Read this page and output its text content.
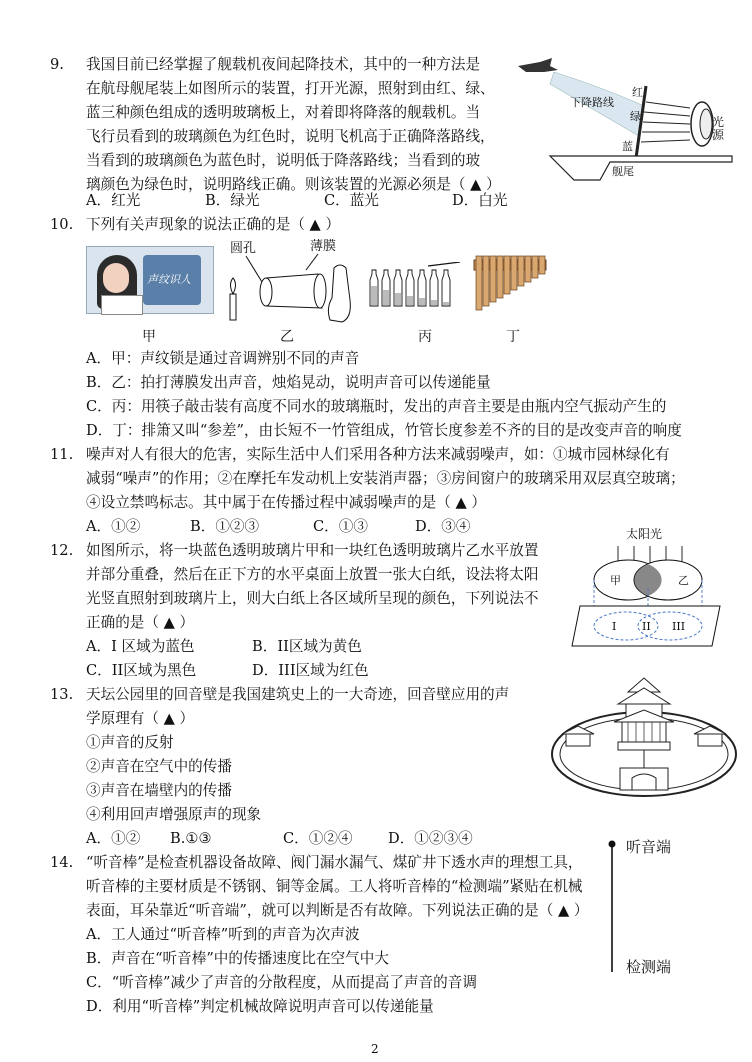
9. 我国目前已经掌握了舰载机夜间起降技术，其中的一种方法是
在航母舰尾装上如图所示的装置，打开光源，照射到由红、绿、
蓝三种颜色组成的透明玻璃板上，对着即将降落的舰载机。当
飞行员看到的玻璃颜色为红色时，说明飞机高于正确降落路线，
当看到的玻璃颜色为蓝色时，说明低于降落路线；当看到的玻
璃颜色为绿色时，说明路线正确。则该装置的光源必须是（ ▲ ）
A．红光	B．绿光	C．蓝光	D．白光
舰尾
下降路线
红
绿
蓝
光源
10. 下列有关声现象的说法正确的是（ ▲ ）
声纹识人
圆孔	薄膜
甲	乙	丙	丁
A．甲：声纹锁是通过音调辨别不同的声音
B．乙：拍打薄膜发出声音，烛焰晃动，说明声音可以传递能量
C．丙：用筷子敲击装有高度不同水的玻璃瓶时，发出的声音主要是由瓶内空气振动产生的
D．丁：排箫又叫“参差”，由长短不一竹管组成，竹管长度参差不齐的目的是改变声音的响度
11. 噪声对人有很大的危害，实际生活中人们采用各种方法来减弱噪声，如：①城市园林绿化有
减弱“噪声”的作用；②在摩托车发动机上安装消声器；③房间窗户的玻璃采用双层真空玻璃；
④设立禁鸣标志。其中属于在传播过程中减弱噪声的是（ ▲ ）
A．①②	B．①②③	C．①③	D．③④
12. 如图所示，将一块蓝色透明玻璃片甲和一块红色透明玻璃片乙水平放置
并部分重叠，然后在正下方的水平桌面上放置一张大白纸，设法将太阳
光竖直照射到玻璃片上，则大白纸上各区域所呈现的颜色，下列说法不
正确的是（ ▲ ）
A．I 区域为蓝色	B．II区域为黄色
C．II区域为黑色	D．III区域为红色
太阳光
甲	乙
I II III
13. 天坛公园里的回音壁是我国建筑史上的一大奇迹，回音壁应用的声
学原理有（ ▲ ）
①声音的反射
②声音在空气中的传播
③声音在墙壁内的传播
④利用回声增强原声的现象
A．①② B.①③	C．①②④ D．①②③④
14. “听音棒”是检查机器设备故障、阀门漏水漏气、煤矿井下透水声的理想工具，
听音棒的主要材质是不锈钢、铜等金属。工人将听音棒的“检测端”紧贴在机械
表面，耳朵靠近“听音端”，就可以判断是否有故障。下列说法正确的是（ ▲ ）
A．工人通过“听音棒”听到的声音为次声波
B．声音在“听音棒”中的传播速度比在空气中大
C．“听音棒”减少了声音的分散程度，从而提高了声音的音调
D．利用“听音棒”判定机械故障说明声音可以传递能量
听音端
检测端
2
